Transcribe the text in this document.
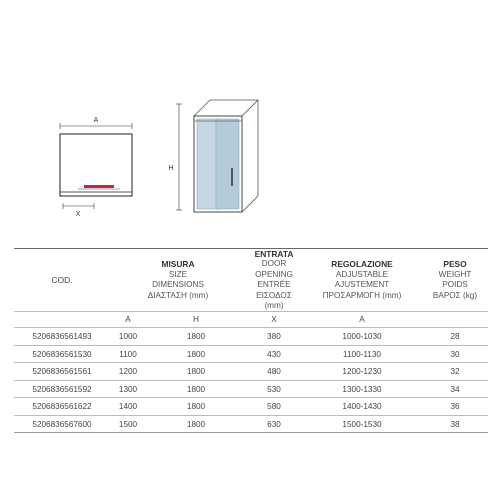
A
X
H

COD.	MISURA
SIZE
DIMENSIONS
ΔΙΑΣΤΑΣΗ (mm)		ENTRATA
DOOR OPENING
ENTRÉE
ΕΙΣΟΔΟΣ (mm)	REGOLAZIONE
ADJUSTABLE
AJUSTEMENT
ΠΡΟΣΑΡΜΟΓΗ (mm)	PESO
WEIGHT
POIDS
ΒΑΡΟΣ (kg)

	A	H	X	A	
5206836561493	1000	1800	380	1000-1030	28
5206836561530	1100	1800	430	1100-1130	30
5206836561561	1200	1800	480	1200-1230	32
5206836561592	1300	1800	530	1300-1330	34
5206836561622	1400	1800	580	1400-1430	36
5206836567600	1500	1800	630	1500-1530	38
